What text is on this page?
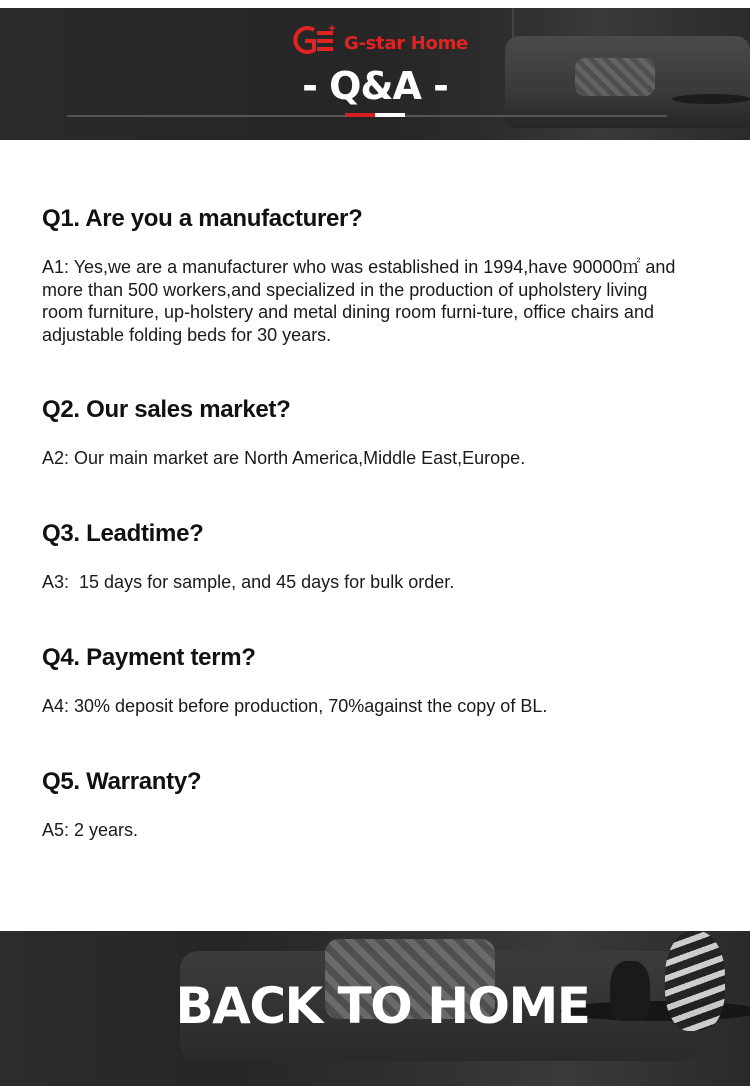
G-star Home
- Q&A -
Q1. Are you a manufacturer?
A1: Yes,we are a manufacturer who was established in 1994,have 90000㎡ and
more than 500 workers,and specialized in the production of upholstery living
room furniture, up-holstery and metal dining room furni-ture, office chairs and
adjustable folding beds for 30 years.
Q2. Our sales market?
A2: Our main market are North America,Middle East,Europe.
Q3. Leadtime?
A3:  15 days for sample, and 45 days for bulk order.
Q4. Payment term?
A4: 30% deposit before production, 70%against the copy of BL.
Q5. Warranty?
A5: 2 years.
BACK TO HOME
